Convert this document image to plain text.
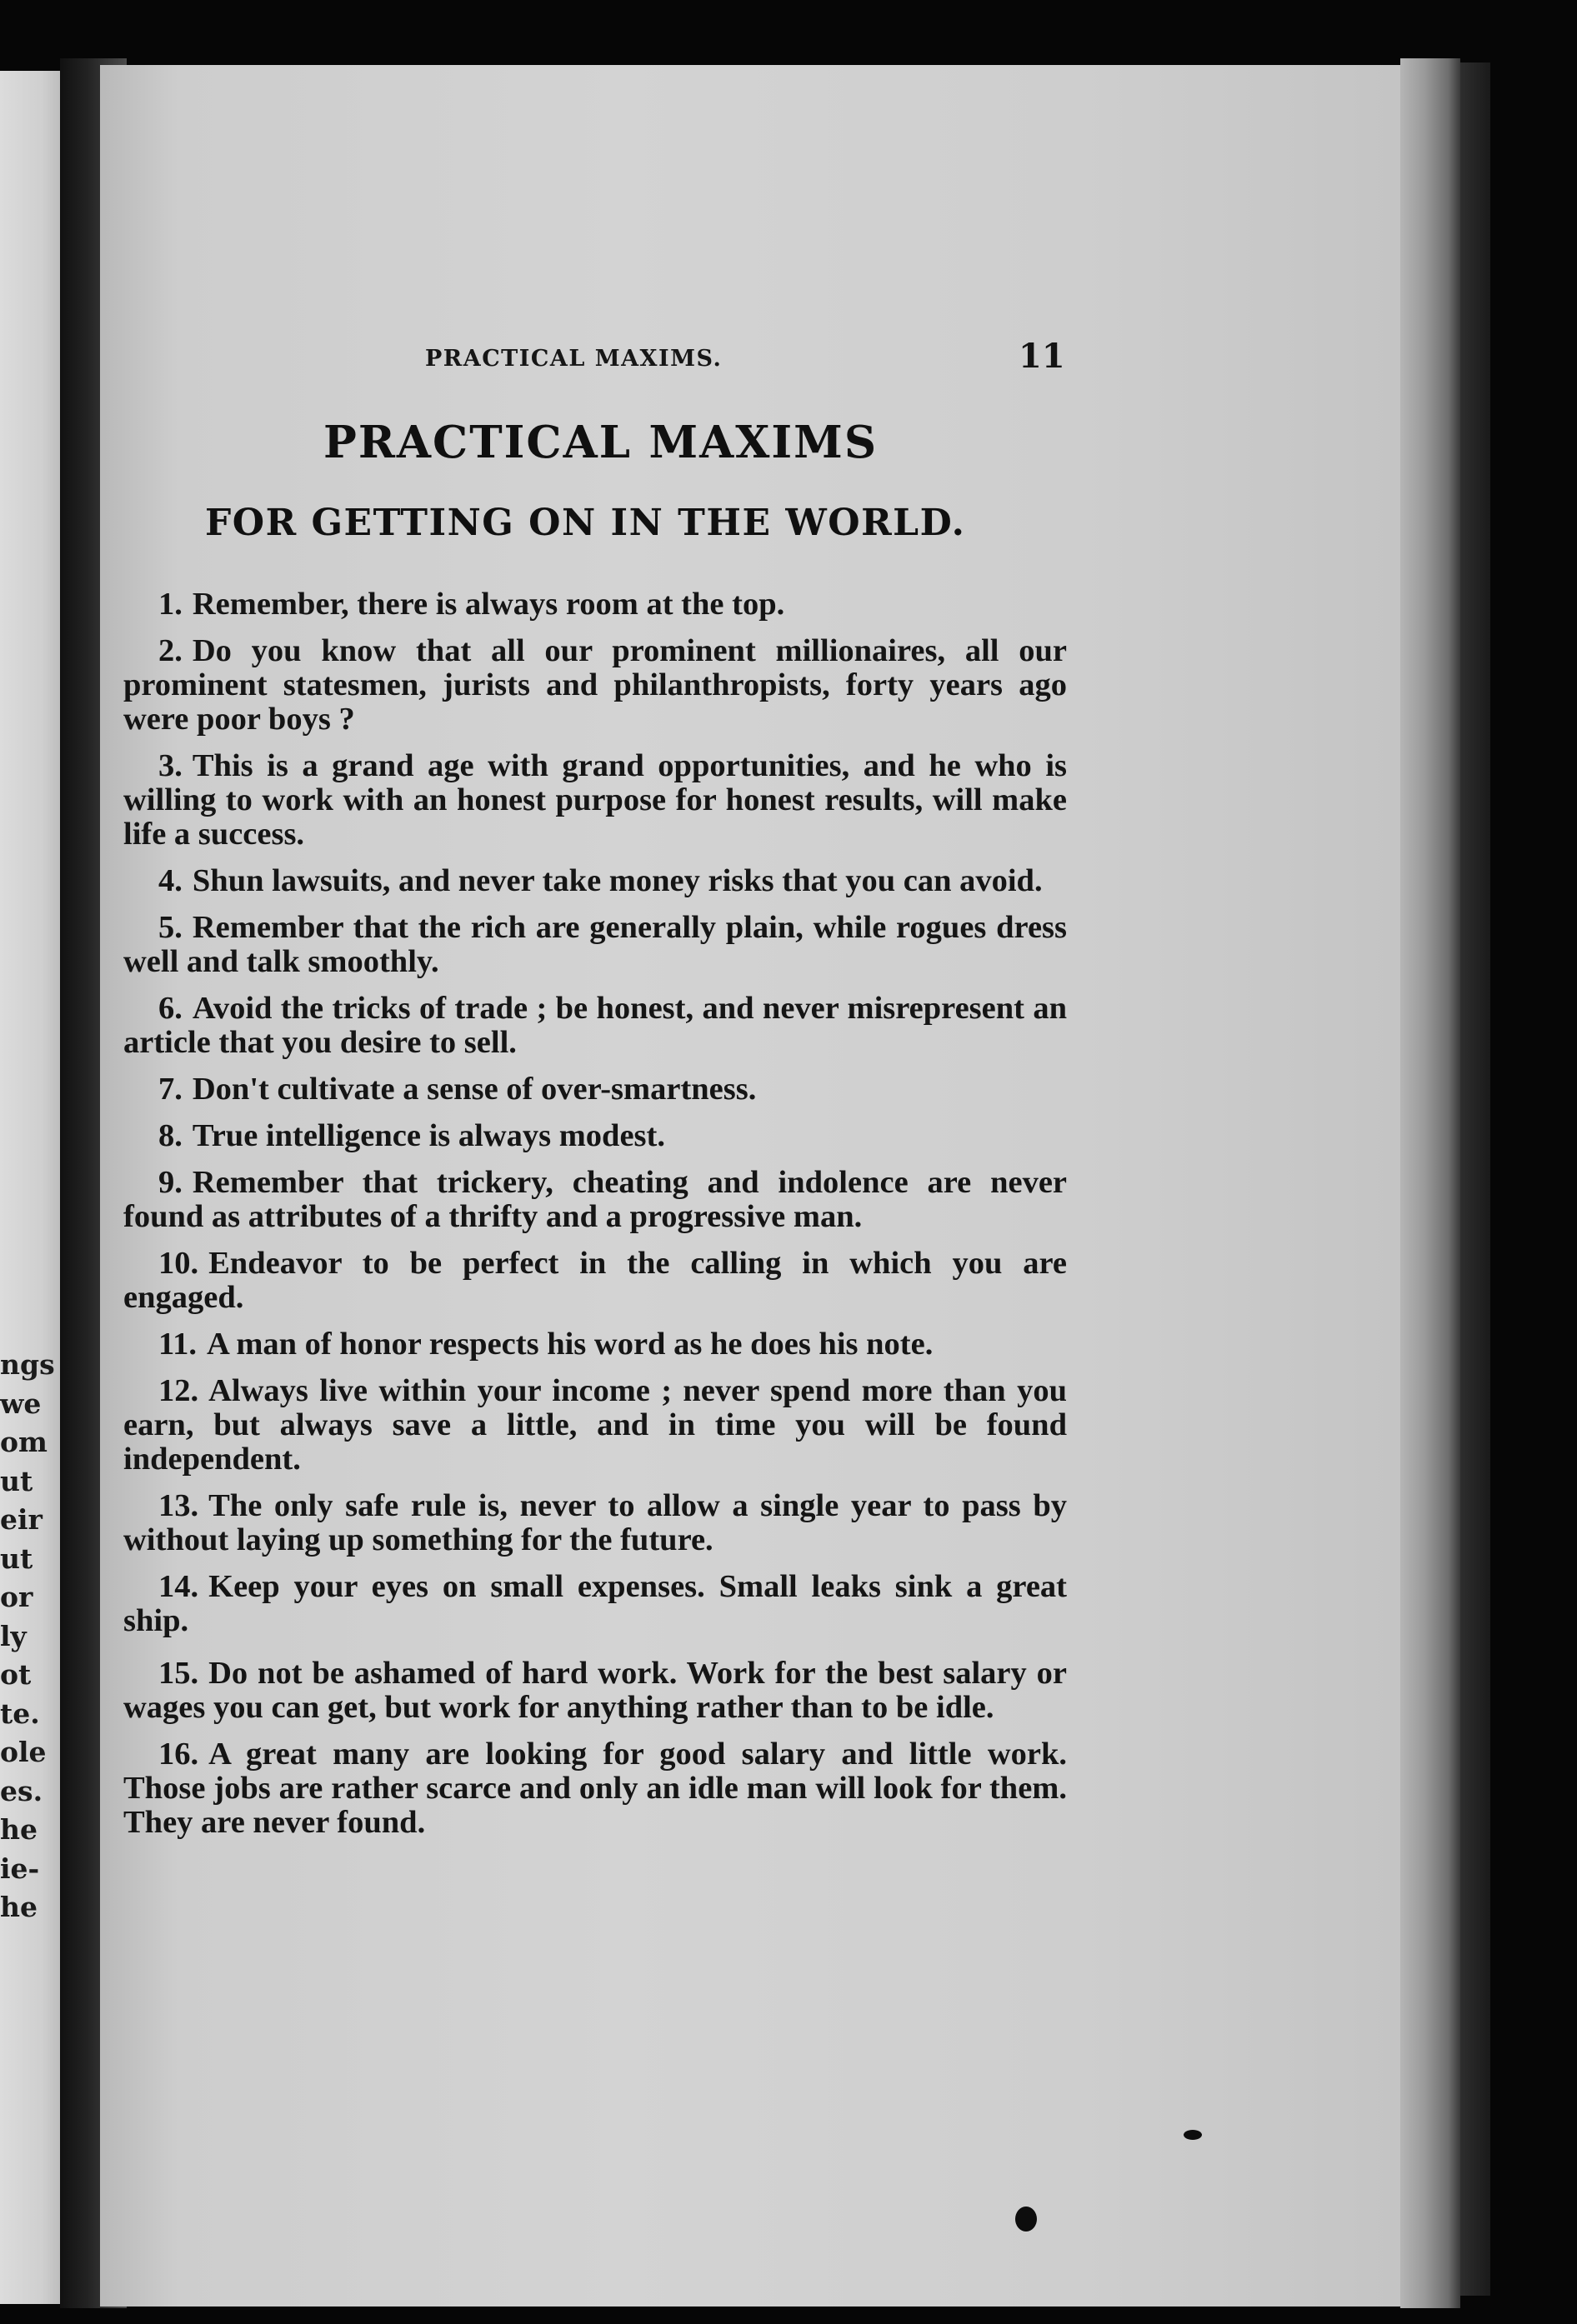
ngs
we
om
ut
eir
ut
or
ly
ot
te.
ole
es.
he
ie-
he
PRACTICAL MAXIMS.	11
PRACTICAL MAXIMS
FOR GETTING ON IN THE WORLD.

1. Remember, there is always room at the top.

2. Do you know that all our prominent millionaires, all our prominent statesmen, jurists and philanthropists, forty years ago were poor boys ?

3. This is a grand age with grand opportunities, and he who is willing to work with an honest purpose for honest results, will make life a success.

4. Shun lawsuits, and never take money risks that you can avoid.

5. Remember that the rich are generally plain, while rogues dress well and talk smoothly.

6. Avoid the tricks of trade ; be honest, and never misrepresent an article that you desire to sell.

7. Don't cultivate a sense of over-smartness.

8. True intelligence is always modest.

9. Remember that trickery, cheating and indolence are never found as attributes of a thrifty and a progressive man.

10. Endeavor to be perfect in the calling in which you are engaged.

11. A man of honor respects his word as he does his note.

12. Always live within your income ; never spend more than you earn, but always save a little, and in time you will be found independent.

13. The only safe rule is, never to allow a single year to pass by without laying up something for the future.

14. Keep your eyes on small expenses. Small leaks sink a great ship.

15. Do not be ashamed of hard work. Work for the best salary or wages you can get, but work for anything rather than to be idle.

16. A great many are looking for good salary and little work. Those jobs are rather scarce and only an idle man will look for them. They are never found.
